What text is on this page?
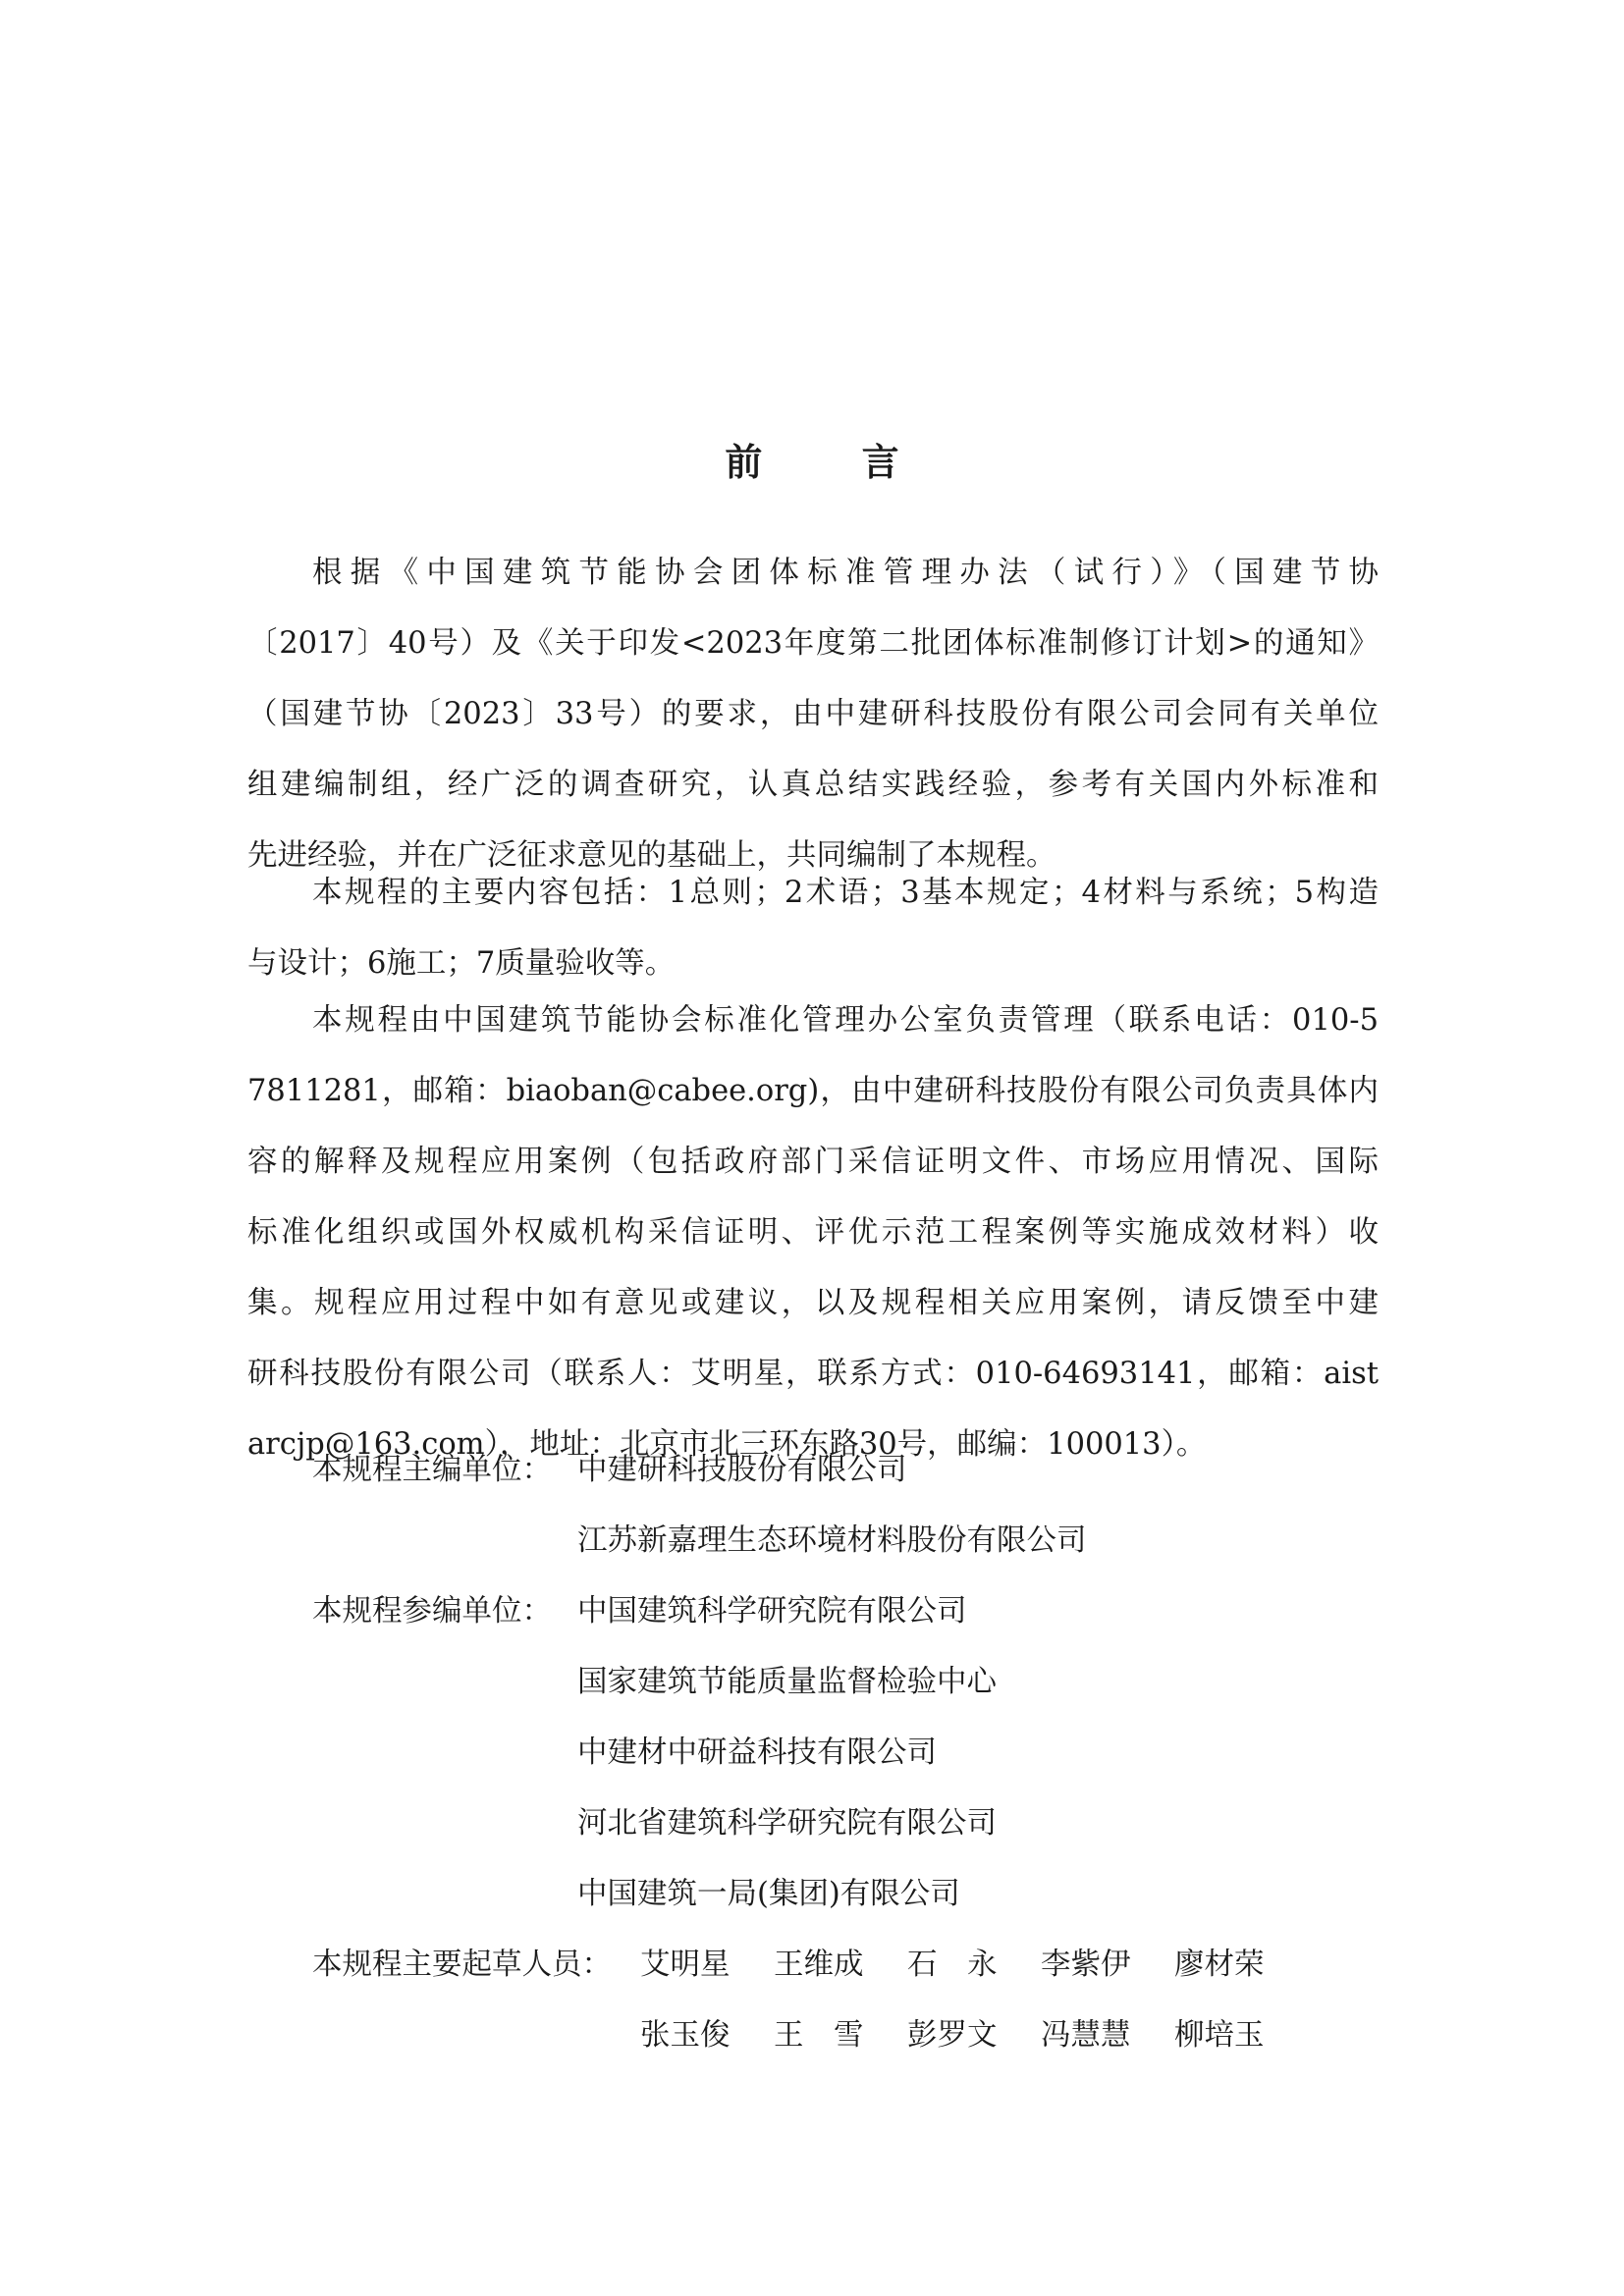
前 言
根据《中国建筑节能协会团体标准管理办法（试行）》（国建节协
〔2017〕40号）及《关于印发<2023年度第二批团体标准制修订计划>的通知》
（国建节协〔2023〕33号）的要求，由中建研科技股份有限公司会同有关单位
组建编制组，经广泛的调查研究，认真总结实践经验，参考有关国内外标准和
先进经验，并在广泛征求意见的基础上，共同编制了本规程。
本规程的主要内容包括：1总则；2术语；3基本规定；4材料与系统；5构造
与设计；6施工；7质量验收等。
本规程由中国建筑节能协会标准化管理办公室负责管理（联系电话：010-5
7811281，邮箱：biaoban@cabee.org)，由中建研科技股份有限公司负责具体内
容的解释及规程应用案例（包括政府部门采信证明文件、市场应用情况、国际
标准化组织或国外权威机构采信证明、评优示范工程案例等实施成效材料）收
集。规程应用过程中如有意见或建议，以及规程相关应用案例，请反馈至中建
研科技股份有限公司（联系人：艾明星，联系方式：010-64693141，邮箱：aist
arcjp@163.com），地址：北京市北三环东路30号，邮编：100013）。
本规程主编单位： 中建研科技股份有限公司
江苏新嘉理生态环境材料股份有限公司
本规程参编单位： 中国建筑科学研究院有限公司
国家建筑节能质量监督检验中心
中建材中研益科技有限公司
河北省建筑科学研究院有限公司
中国建筑一局(集团)有限公司
本规程主要起草人员： 艾明星 王维成 石　永 李紫伊 廖材荣
张玉俊 王　雪 彭罗文 冯慧慧 柳培玉
